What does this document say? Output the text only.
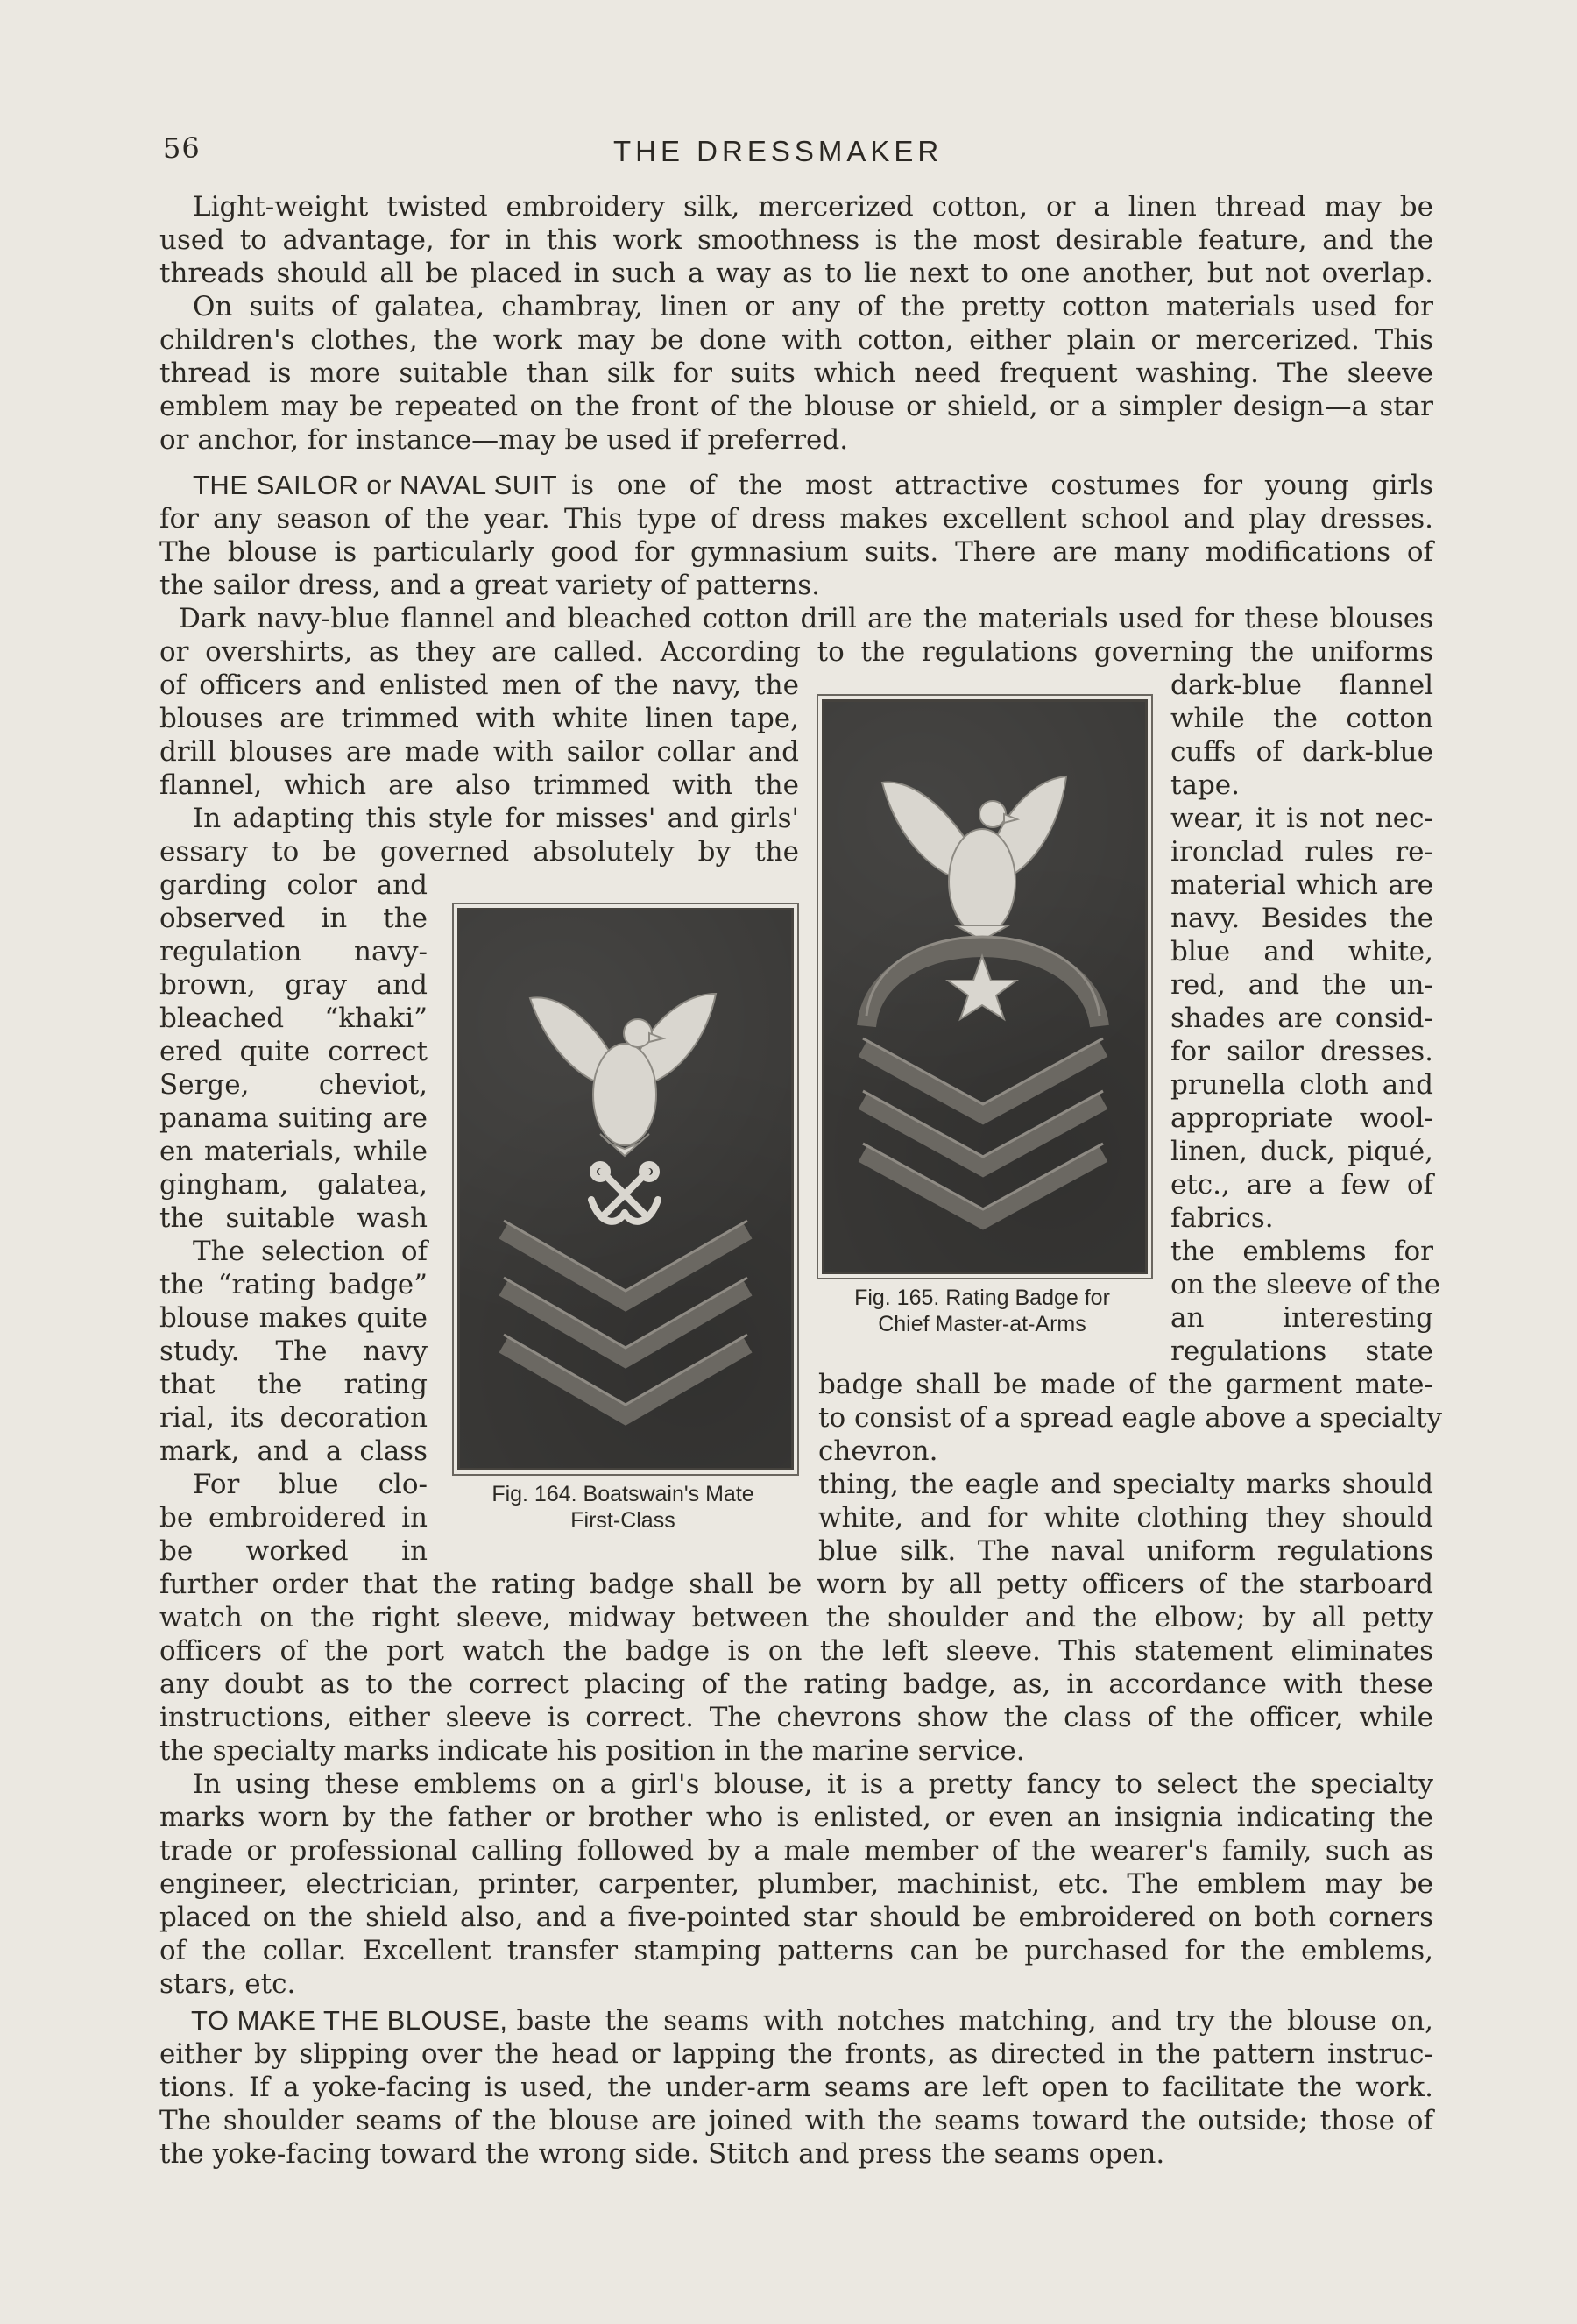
56	THE DRESSMAKER
Light-weight twisted embroidery silk, mercerized cotton, or a linen thread may be
used to advantage, for in this work smoothness is the most desirable feature, and the
threads should all be placed in such a way as to lie next to one another, but not overlap.
On suits of galatea, chambray, linen or any of the pretty cotton materials used for
children's clothes, the work may be done with cotton, either plain or mercerized. This
thread is more suitable than silk for suits which need frequent washing. The sleeve
emblem may be repeated on the front of the blouse or shield, or a simpler design—a star
or anchor, for instance—may be used if preferred.
THE SAILOR or NAVAL SUIT is one of the most attractive costumes for young girls
for any season of the year. This type of dress makes excellent school and play dresses.
The blouse is particularly good for gymnasium suits. There are many modifications of
the sailor dress, and a great variety of patterns.
Dark navy-blue flannel and bleached cotton drill are the materials used for these blouses
or overshirts, as they are called. According to the regulations governing the uniforms
of officers and enlisted men of the navy, the
blouses are trimmed with white linen tape,
drill blouses are made with sailor collar and
flannel, which are also trimmed with the
In adapting this style for misses' and girls'
essary to be governed absolutely by the
garding color and
observed in the
regulation navy-
brown, gray and
bleached “khaki”
ered quite correct
Serge, cheviot,
panama suiting are
en materials, while
gingham, galatea,
the suitable wash
The selection of
the “rating badge”
blouse makes quite
study. The navy
that the rating
rial, its decoration
mark, and a class
For blue clo-
be embroidered in
be worked in
Fig. 164. Boatswain's Mate
First-Class
Fig. 165. Rating Badge for
Chief Master-at-Arms
dark-blue flannel
while the cotton
cuffs of dark-blue
tape.
wear, it is not nec-
ironclad rules re-
material which are
navy. Besides the
blue and white,
red, and the un-
shades are consid-
for sailor dresses.
prunella cloth and
appropriate wool-
linen, duck, piqué,
etc., are a few of
fabrics.
the emblems for
on the sleeve of the
an interesting
regulations state
badge shall be made of the garment mate-
to consist of a spread eagle above a specialty
chevron.
thing, the eagle and specialty marks should
white, and for white clothing they should
blue silk. The naval uniform regulations
further order that the rating badge shall be worn by all petty officers of the starboard
watch on the right sleeve, midway between the shoulder and the elbow; by all petty
officers of the port watch the badge is on the left sleeve. This statement eliminates
any doubt as to the correct placing of the rating badge, as, in accordance with these
instructions, either sleeve is correct. The chevrons show the class of the officer, while
the specialty marks indicate his position in the marine service.
In using these emblems on a girl's blouse, it is a pretty fancy to select the specialty
marks worn by the father or brother who is enlisted, or even an insignia indicating the
trade or professional calling followed by a male member of the wearer's family, such as
engineer, electrician, printer, carpenter, plumber, machinist, etc. The emblem may be
placed on the shield also, and a five-pointed star should be embroidered on both corners
of the collar. Excellent transfer stamping patterns can be purchased for the emblems,
stars, etc.
TO MAKE THE BLOUSE, baste the seams with notches matching, and try the blouse on,
either by slipping over the head or lapping the fronts, as directed in the pattern instruc-
tions. If a yoke-facing is used, the under-arm seams are left open to facilitate the work.
The shoulder seams of the blouse are joined with the seams toward the outside; those of
the yoke-facing toward the wrong side. Stitch and press the seams open.
